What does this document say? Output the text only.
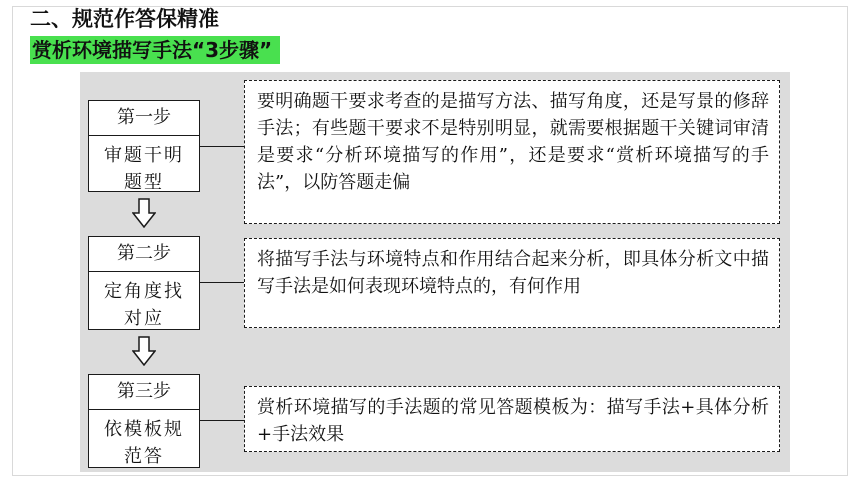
二、规范作答保精准
赏析环境描写手法“3步骤”
第一步
审题干明题型
要明确题干要求考查的是描写方法、描写角度，还是写景的修辞手法；有些题干要求不是特别明显，就需要根据题干关键词审清是要求“分析环境描写的作用”，还是要求“赏析环境描写的手法”，以防答题走偏
第二步
定角度找对应
将描写手法与环境特点和作用结合起来分析，即具体分析文中描写手法是如何表现环境特点的，有何作用
第三步
依模板规范答
赏析环境描写的手法题的常见答题模板为：描写手法+具体分析+手法效果
